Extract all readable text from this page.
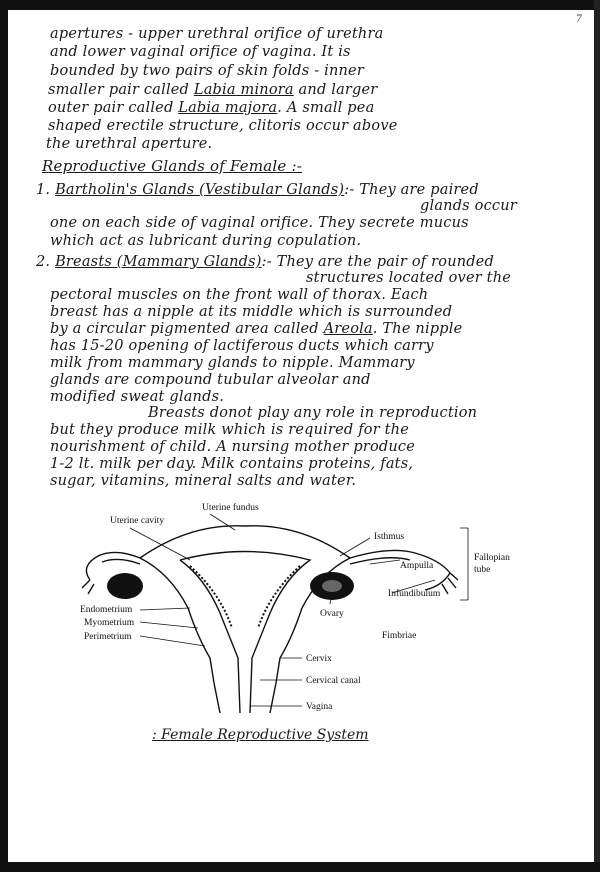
7
apertures - upper urethral orifice of urethra
and lower vaginal orifice of vagina. It is
bounded by two pairs of skin folds - inner
smaller pair called Labia minora and larger
outer pair called Labia majora. A small pea
shaped erectile structure, clitoris occur above
the urethral aperture.
Reproductive Glands of Female :-
1. Bartholin's Glands (Vestibular Glands):- They are paired
glands occur
one on each side of vaginal orifice. They secrete mucus
which act as lubricant during copulation.
2. Breasts (Mammary Glands):- They are the pair of rounded
structures located over the
pectoral muscles on the front wall of thorax. Each
breast has a nipple at its middle which is surrounded
by a circular pigmented area called Areola. The nipple
has 15-20 opening of lactiferous ducts which carry
milk from mammary glands to nipple. Mammary
glands are compound tubular alveolar and
modified sweat glands.
Breasts donot play any role in reproduction
but they produce milk which is required for the
nourishment of child. A nursing mother produce
1-2 lt. milk per day. Milk contains proteins, fats,
sugar, vitamins, mineral salts and water.
Uterine fundus
Uterine cavity
Isthmus
Ampulla
Infundibulum
Fallopian
tube
Ovary
Fimbriae
Endometrium
Myometrium
Perimetrium
Cervix
Cervical canal
Vagina
: Female Reproductive System
